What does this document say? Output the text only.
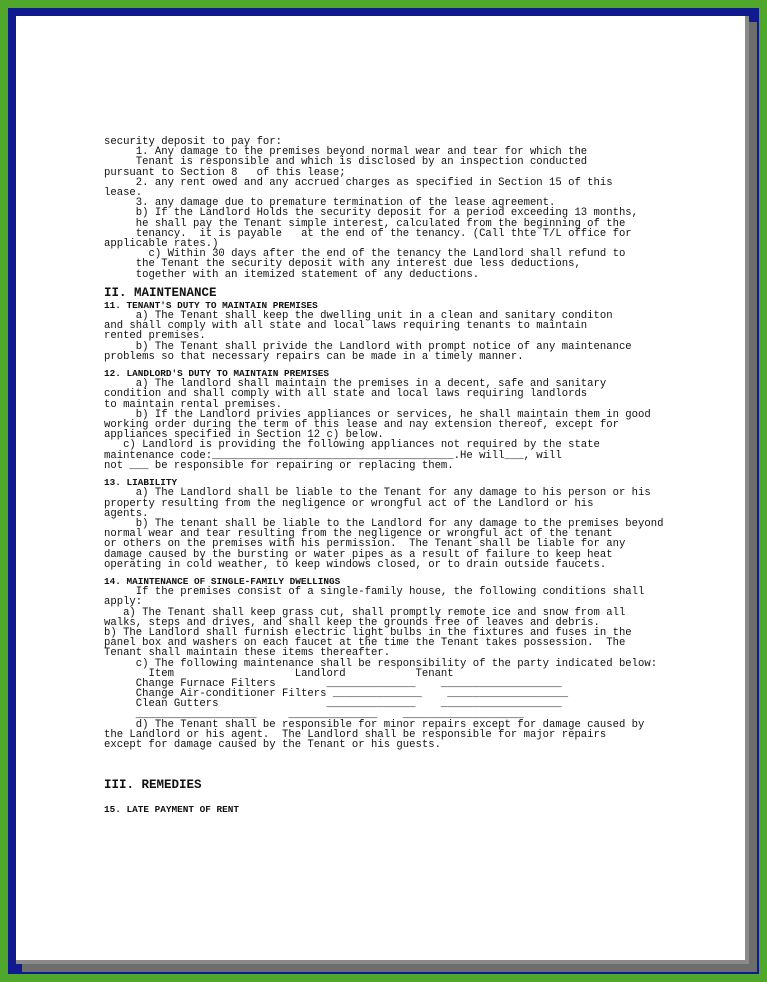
security deposit to pay for:
1. Any damage to the premises beyond normal wear and tear for which the
Tenant is responsible and which is disclosed by an inspection conducted
pursuant to Section 8   of this lease;
2. any rent owed and any accrued charges as specified in Section 15 of this
lease.
3. any damage due to premature termination of the lease agreement.
b) If the Landlord Holds the security deposit for a period exceeding 13 months,
he shall pay the Tenant simple interest, calculated from the beginning of the
tenancy.  it is payable   at the end of the tenancy. (Call thte T/L office for
applicable rates.)
c) Within 30 days after the end of the tenancy the Landlord shall refund to
the Tenant the security deposit with any interest due less deductions,
together with an itemized statement of any deductions.
II. MAINTENANCE
11. TENANT'S DUTY TO MAINTAIN PREMISES
a) The Tenant shall keep the dwelling unit in a clean and sanitary conditon
and shall comply with all state and local laws requiring tenants to maintain
rented premises.
b) The Tenant shall privide the Landlord with prompt notice of any maintenance
problems so that necessary repairs can be made in a timely manner.
12. LANDLORD'S DUTY TO MAINTAIN PREMISES
a) The landlord shall maintain the premises in a decent, safe and sanitary
condition and shall comply with all state and local laws requiring landlords
to maintain rental premises.
b) If the Landlord privies appliances or services, he shall maintain them in good
working order during the term of this lease and nay extension thereof, except for
appliances specified in Section 12 c) below.
c) Landlord is providing the following appliances not required by the state
maintenance code:______________________________________.He will___, will
not ___ be responsible for repairing or replacing them.
13. LIABILITY
a) The Landlord shall be liable to the Tenant for any damage to his person or his
property resulting from the negligence or wrongful act of the Landlord or his
agents.
b) The tenant shall be liable to the Landlord for any damage to the premises beyond
normal wear and tear resulting from the negligence or wrongful act of the tenant
or others on the premises with his permission.  The Tenant shall be liable for any
damage caused by the bursting or water pipes as a result of failure to keep heat
operating in cold weather, to keep windows closed, or to drain outside faucets.
14. MAINTENANCE OF SINGLE-FAMILY DWELLINGS
If the premises consist of a single-family house, the following conditions shall
apply:
a) The Tenant shall keep grass cut, shall promptly remote ice and snow from all
walks, steps and drives, and shall keep the grounds free of leaves and debris.
b) The Landlord shall furnish electric light bulbs in the fixtures and fuses in the
panel box and washers on each faucet at the time the Tenant takes possession.  The
Tenant shall maintain these items thereafter.
c) The following maintenance shall be responsibility of the party indicated below:
Item                   Landlord           Tenant
Change Furnace Filters        ______________    ___________________
Change Air-conditioner Filters ______________    ___________________
Clean Gutters                 ______________    ___________________
___________________     ______________    ___________________
d) The Tenant shall be responsible for minor repairs except for damage caused by
the Landlord or his agent.  The Landlord shall be responsible for major repairs
except for damage caused by the Tenant or his guests.
III. REMEDIES
15. LATE PAYMENT OF RENT
